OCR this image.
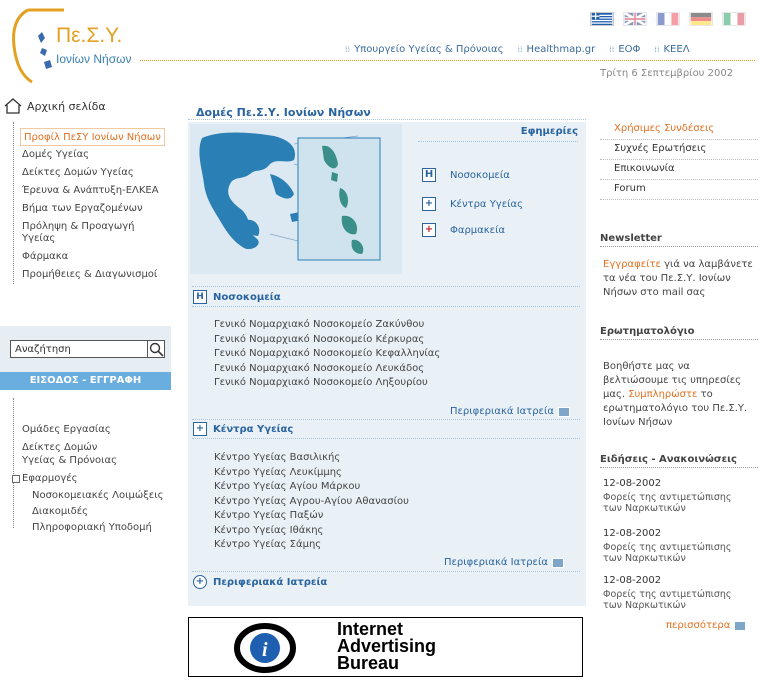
Πε.Σ.Υ.
Ιονίων Νήσων
⁞⁞ Υπουργείο Υγείας & Πρόνοιας ⁞⁞ Healthmap.gr ⁞⁞ ΕΟΦ ⁞⁞ ΚΕΕΛ
Τρίτη 6 Σεπτεμβρίου 2002
Αρχική σελίδα
Προφίλ ΠεΣΥ Ιονίων Νήσων
Δομές Υγείας
Δείκτες Δομών Υγείας
Έρευνα & Ανάπτυξη-ΕΛΚΕΑ
Βήμα των Εργαζομένων
Πρόληψη & Προαγωγή
Υγείας
Φάρμακα
Προμήθειες & Διαγωνισμοί
Αναζήτηση
ΕΙΣΟΔΟΣ - ΕΓΓΡΑΦΗ
Ομάδες Εργασίας
Δείκτες Δομών
Υγείας & Πρόνοιας
Εφαρμογές
Νοσοκομειακές Λοιμώξεις
Διακομιδές
Πληροφοριακή Υποδομή
Δομές Πε.Σ.Υ. Ιονίων Νήσων
Εφημερίες
H Νοσοκομεία
+ Κέντρα Υγείας
+ Φαρμακεία
H Νοσοκομεία
Γενικό Νομαρχιακό Νοσοκομείο Ζακύνθου
Γενικό Νομαρχιακό Νοσοκομείο Κέρκυρας
Γενικό Νομαρχιακό Νοσοκομείο Κεφαλληνίας
Γενικό Νομαρχιακό Νοσοκομείο Λευκάδος
Γενικό Νομαρχιακό Νοσοκομείο Ληξουρίου
Περιφεριακά Ιατρεία
+ Κέντρα Υγείας
Κέντρο Υγείας Βασιλικής
Κέντρο Υγείας Λευκίμμης
Κέντρο Υγείας Αγίου Μάρκου
Κέντρο Υγείας Αγρου-Αγίου Αθανασίου
Κέντρο Υγείας Παξών
Κέντρο Υγείας Ιθάκης
Κέντρο Υγείας Σάμης
Περιφεριακά Ιατρεία
+ Περιφεριακά Ιατρεία
i
Internet
Advertising
Bureau
Χρήσιμες Συνδέσεις
Συχνές Ερωτήσεις
Επικοινωνία
Forum
Newsletter
Εγγραφείτε γιά να λαμβάνετε τα νέα του Πε.Σ.Υ. Ιονίων Νήσων στο mail σας
Ερωτηματολόγιο
Βοηθήστε μας να βελτιώσουμε τις υπηρεσίες μας. Συμπληρώστε το ερωτηματολόγιο του Πε.Σ.Υ. Ιονίων Νήσων
Ειδήσεις - Ανακοινώσεις
12-08-2002
Φορείς της αντιμετώπισης των Ναρκωτικών
12-08-2002
Φορείς της αντιμετώπισης των Ναρκωτικών
12-08-2002
Φορείς της αντιμετώπισης των Ναρκωτικών
περισσότερα
